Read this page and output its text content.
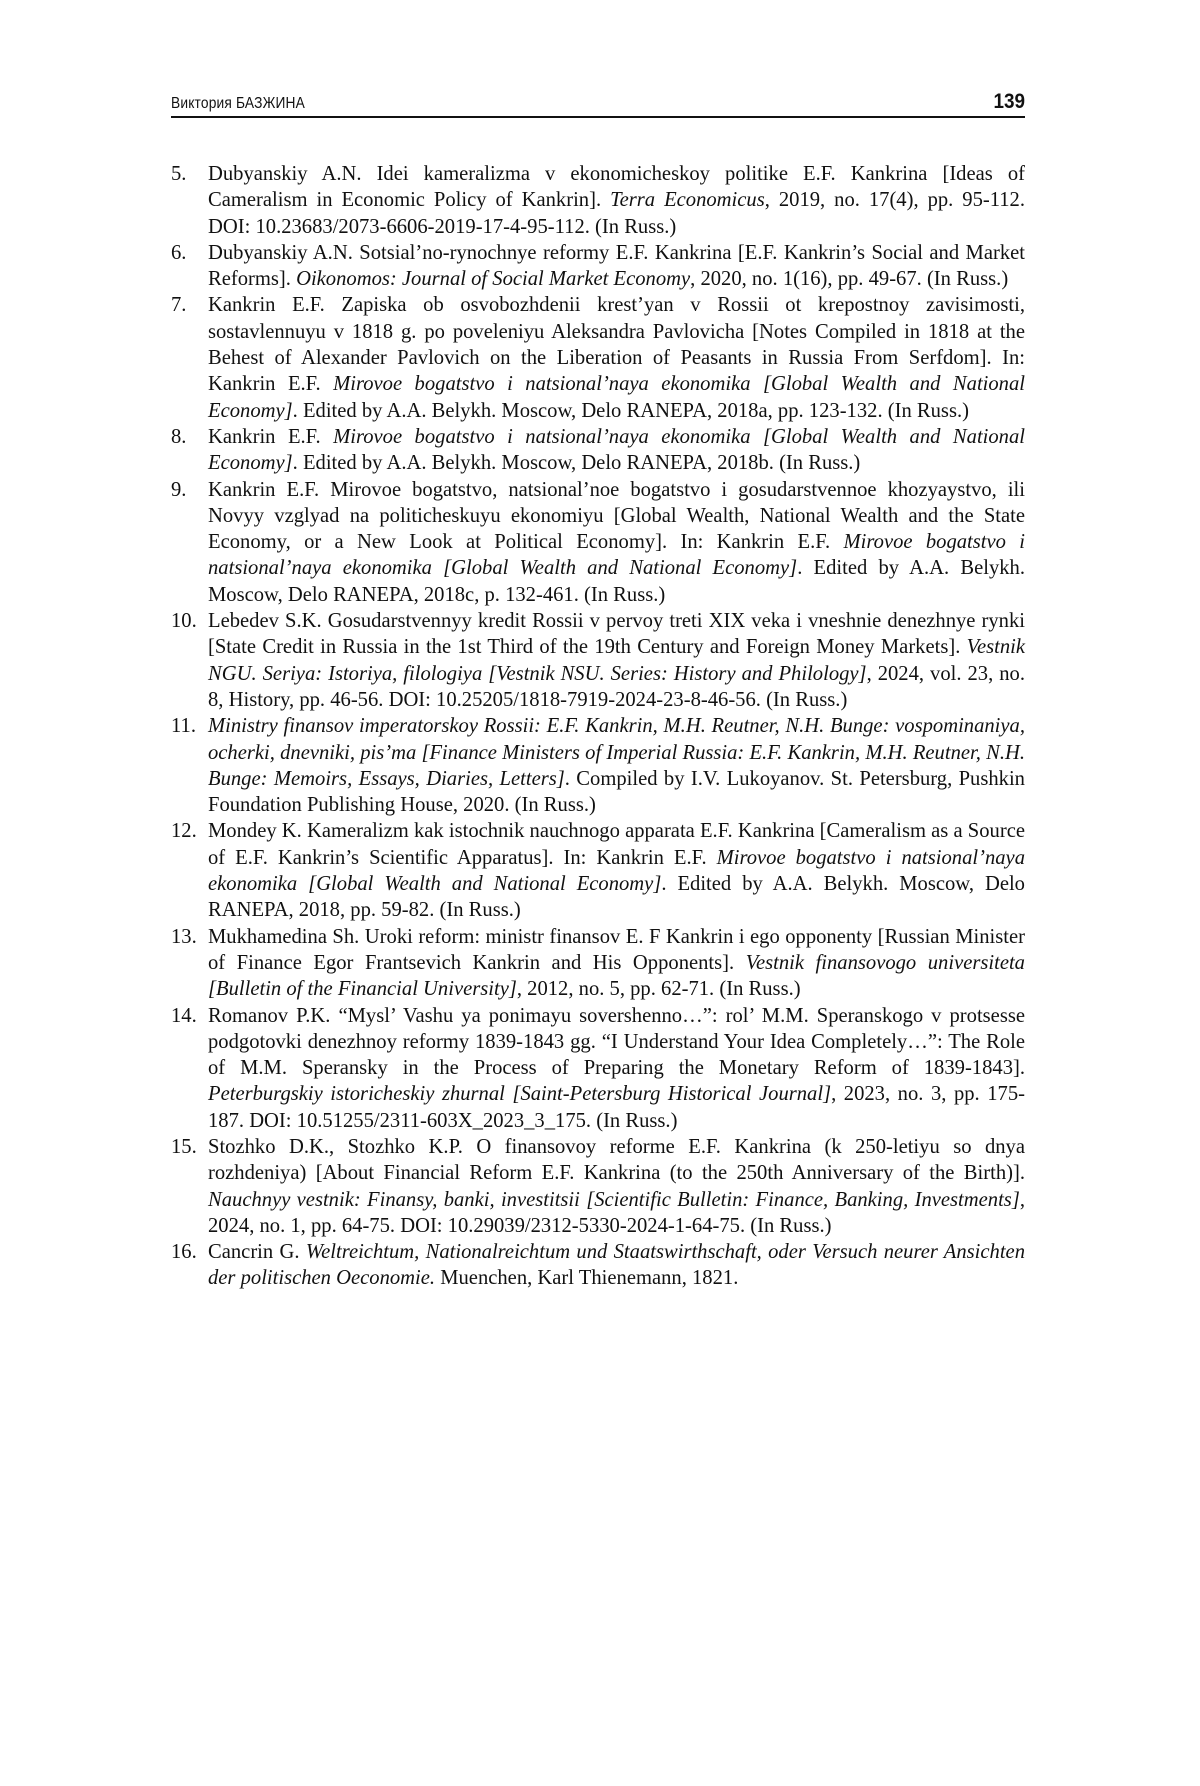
Виктория БАЗЖИНА	139
5. Dubyanskiy A.N. Idei kameralizma v ekonomicheskoy politike E.F. Kankrina [Ideas of Cameralism in Economic Policy of Kankrin]. Terra Economicus, 2019, no. 17(4), pp. 95-112. DOI: 10.23683/2073-6606-2019-17-4-95-112. (In Russ.)
6. Dubyanskiy A.N. Sotsial’no-rynochnye reformy E.F. Kankrina [E.F. Kankrin’s Social and Market Reforms]. Oikonomos: Journal of Social Market Economy, 2020, no. 1(16), pp. 49-67. (In Russ.)
7. Kankrin E.F. Zapiska ob osvobozhdenii krest’yan v Rossii ot krepostnoy zavisimosti, sostavlennuyu v 1818 g. po poveleniyu Aleksandra Pavlovicha [Notes Compiled in 1818 at the Behest of Alexander Pavlovich on the Liberation of Peasants in Russia From Serfdom]. In: Kankrin E.F. Mirovoe bogatstvo i natsional’naya ekonomika [Global Wealth and National Economy]. Edited by A.A. Belykh. Moscow, Delo RANEPA, 2018a, pp. 123-132. (In Russ.)
8. Kankrin E.F. Mirovoe bogatstvo i natsional’naya ekonomika [Global Wealth and National Economy]. Edited by A.A. Belykh. Moscow, Delo RANEPA, 2018b. (In Russ.)
9. Kankrin E.F. Mirovoe bogatstvo, natsional’noe bogatstvo i gosudarstvennoe khozyaystvo, ili Novyy vzglyad na politicheskuyu ekonomiyu [Global Wealth, National Wealth and the State Economy, or a New Look at Political Economy]. In: Kankrin E.F. Mirovoe bogatstvo i natsional’naya ekonomika [Global Wealth and National Economy]. Edited by A.A. Belykh. Moscow, Delo RANEPA, 2018c, p. 132-461. (In Russ.)
10. Lebedev S.K. Gosudarstvennyy kredit Rossii v pervoy treti XIX veka i vneshnie denezhnye rynki [State Credit in Russia in the 1st Third of the 19th Century and Foreign Money Markets]. Vestnik NGU. Seriya: Istoriya, filologiya [Vestnik NSU. Series: History and Philology], 2024, vol. 23, no. 8, History, pp. 46-56. DOI: 10.25205/1818-7919-2024-23-8-46-56. (In Russ.)
11. Ministry finansov imperatorskoy Rossii: E.F. Kankrin, M.H. Reutner, N.H. Bunge: vospominaniya, ocherki, dnevniki, pis’ma [Finance Ministers of Imperial Russia: E.F. Kankrin, M.H. Reutner, N.H. Bunge: Memoirs, Essays, Diaries, Letters]. Compiled by I.V. Lukoyanov. St. Petersburg, Pushkin Foundation Publishing House, 2020. (In Russ.)
12. Mondey K. Kameralizm kak istochnik nauchnogo apparata E.F. Kankrina [Cameralism as a Source of E.F. Kankrin’s Scientific Apparatus]. In: Kankrin E.F. Mirovoe bogatstvo i natsional’naya ekonomika [Global Wealth and National Economy]. Edited by A.A. Belykh. Moscow, Delo RANEPA, 2018, pp. 59-82. (In Russ.)
13. Mukhamedina Sh. Uroki reform: ministr finansov E. F Kankrin i ego opponenty [Russian Minister of Finance Egor Frantsevich Kankrin and His Opponents]. Vestnik finansovogo universiteta [Bulletin of the Financial University], 2012, no. 5, pp. 62-71. (In Russ.)
14. Romanov P.K. “Mysl’ Vashu ya ponimayu sovershenno…”: rol’ M.M. Speranskogo v protsesse podgotovki denezhnoy reformy 1839-1843 gg. “I Understand Your Idea Completely…”: The Role of M.M. Speransky in the Process of Preparing the Monetary Reform of 1839-1843]. Peterburgskiy istoricheskiy zhurnal [Saint-Petersburg Historical Journal], 2023, no. 3, pp. 175-187. DOI: 10.51255/2311-603X_2023_3_175. (In Russ.)
15. Stozhko D.K., Stozhko K.P. O finansovoy reforme E.F. Kankrina (k 250-letiyu so dnya rozhdeniya) [About Financial Reform E.F. Kankrina (to the 250th Anniversary of the Birth)]. Nauchnyy vestnik: Finansy, banki, investitsii [Scientific Bulletin: Finance, Banking, Investments], 2024, no. 1, pp. 64-75. DOI: 10.29039/2312-5330-2024-1-64-75. (In Russ.)
16. Cancrin G. Weltreichtum, Nationalreichtum und Staatswirthschaft, oder Versuch neurer Ansichten der politischen Oeconomie. Muenchen, Karl Thienemann, 1821.
